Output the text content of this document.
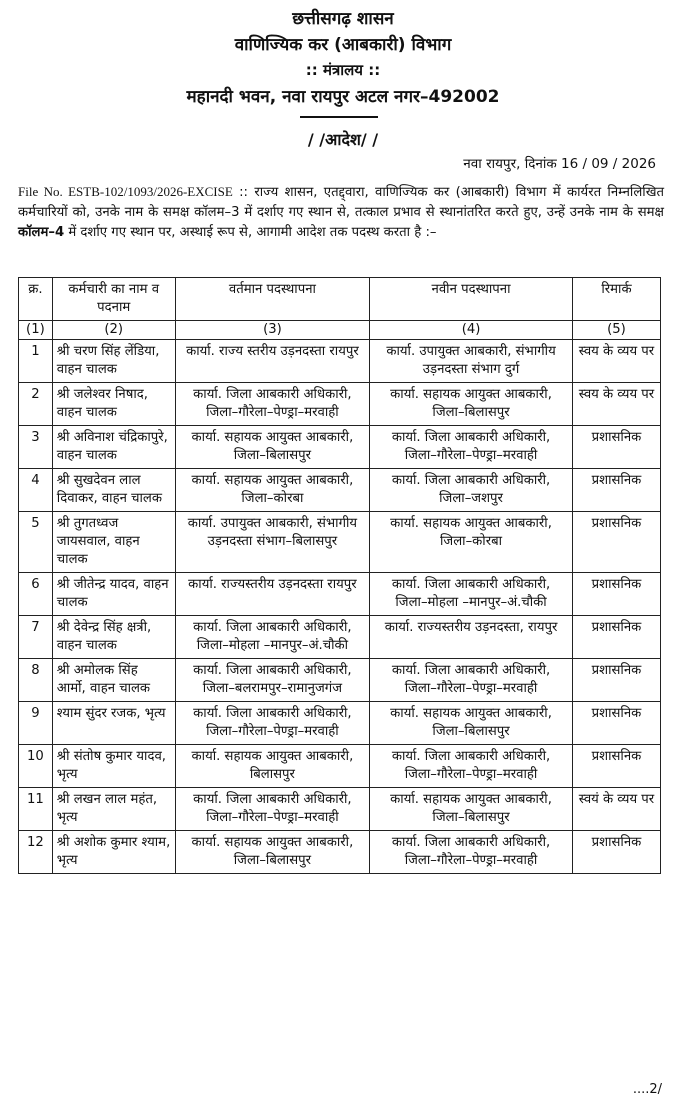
छत्तीसगढ़ शासन
वाणिज्यिक कर (आबकारी) विभाग
:: मंत्रालय ::
महानदी भवन, नवा रायपुर अटल नगर–492002
/ /आदेश/ /
नवा रायपुर, दिनांक 16 / 09 / 2026
File No. ESTB-102/1093/2026-EXCISE :: राज्य शासन, एतद्द्वारा, वाणिज्यिक कर (आबकारी) विभाग में कार्यरत निम्नलिखित कर्मचारियों को, उनके नाम के समक्ष कॉलम–3 में दर्शाए गए स्थान से, तत्काल प्रभाव से स्थानांतरित करते हुए, उन्हें उनके नाम के समक्ष कॉलम–4 में दर्शाए गए स्थान पर, अस्थाई रूप से, आगामी आदेश तक पदस्थ करता है :–
क्र.	कर्मचारी का नाम व पदनाम	वर्तमान पदस्थापना	नवीन पदस्थापना	रिमार्क
(1)	(2)	(3)	(4)	(5)
1	श्री चरण सिंह लेंडिया, वाहन चालक	कार्या. राज्य स्तरीय उड़नदस्ता रायपुर	कार्या. उपायुक्त आबकारी, संभागीय उड़नदस्ता संभाग दुर्ग	स्वय के व्यय पर
2	श्री जलेश्वर निषाद, वाहन चालक	कार्या. जिला आबकारी अधिकारी, जिला–गौरेला–पेण्ड्रा–मरवाही	कार्या. सहायक आयुक्त आबकारी, जिला–बिलासपुर	स्वय के व्यय पर
3	श्री अविनाश चंद्रिकापुरे, वाहन चालक	कार्या. सहायक आयुक्त आबकारी, जिला–बिलासपुर	कार्या. जिला आबकारी अधिकारी, जिला–गौरेला–पेण्ड्रा–मरवाही	प्रशासनिक
4	श्री सुखदेवन लाल दिवाकर, वाहन चालक	कार्या. सहायक आयुक्त आबकारी, जिला–कोरबा	कार्या. जिला आबकारी अधिकारी, जिला–जशपुर	प्रशासनिक
5	श्री तुगतध्वज जायसवाल, वाहन चालक	कार्या. उपायुक्त आबकारी, संभागीय उड़नदस्ता संभाग–बिलासपुर	कार्या. सहायक आयुक्त आबकारी, जिला–कोरबा	प्रशासनिक
6	श्री जीतेन्द्र यादव, वाहन चालक	कार्या. राज्यस्तरीय उड़नदस्ता रायपुर	कार्या. जिला आबकारी अधिकारी, जिला–मोहला –मानपुर–अं.चौकी	प्रशासनिक
7	श्री देवेन्द्र सिंह क्षत्री, वाहन चालक	कार्या. जिला आबकारी अधिकारी, जिला–मोहला –मानपुर–अं.चौकी	कार्या. राज्यस्तरीय उड़नदस्ता, रायपुर	प्रशासनिक
8	श्री अमोलक सिंह आर्मो, वाहन चालक	कार्या. जिला आबकारी अधिकारी, जिला–बलरामपुर–रामानुजगंज	कार्या. जिला आबकारी अधिकारी, जिला–गौरेला–पेण्ड्रा–मरवाही	प्रशासनिक
9	श्याम सुंदर रजक, भृत्य	कार्या. जिला आबकारी अधिकारी, जिला–गौरेला–पेण्ड्रा–मरवाही	कार्या. सहायक आयुक्त आबकारी, जिला–बिलासपुर	प्रशासनिक
10	श्री संतोष कुमार यादव, भृत्य	कार्या. सहायक आयुक्त आबकारी, बिलासपुर	कार्या. जिला आबकारी अधिकारी, जिला–गौरेला–पेण्ड्रा–मरवाही	प्रशासनिक
11	श्री लखन लाल महंत, भृत्य	कार्या. जिला आबकारी अधिकारी, जिला–गौरेला–पेण्ड्रा–मरवाही	कार्या. सहायक आयुक्त आबकारी, जिला–बिलासपुर	स्वयं के व्यय पर
12	श्री अशोक कुमार श्याम, भृत्य	कार्या. सहायक आयुक्त आबकारी, जिला–बिलासपुर	कार्या. जिला आबकारी अधिकारी, जिला–गौरेला–पेण्ड्रा–मरवाही	प्रशासनिक
....2/
